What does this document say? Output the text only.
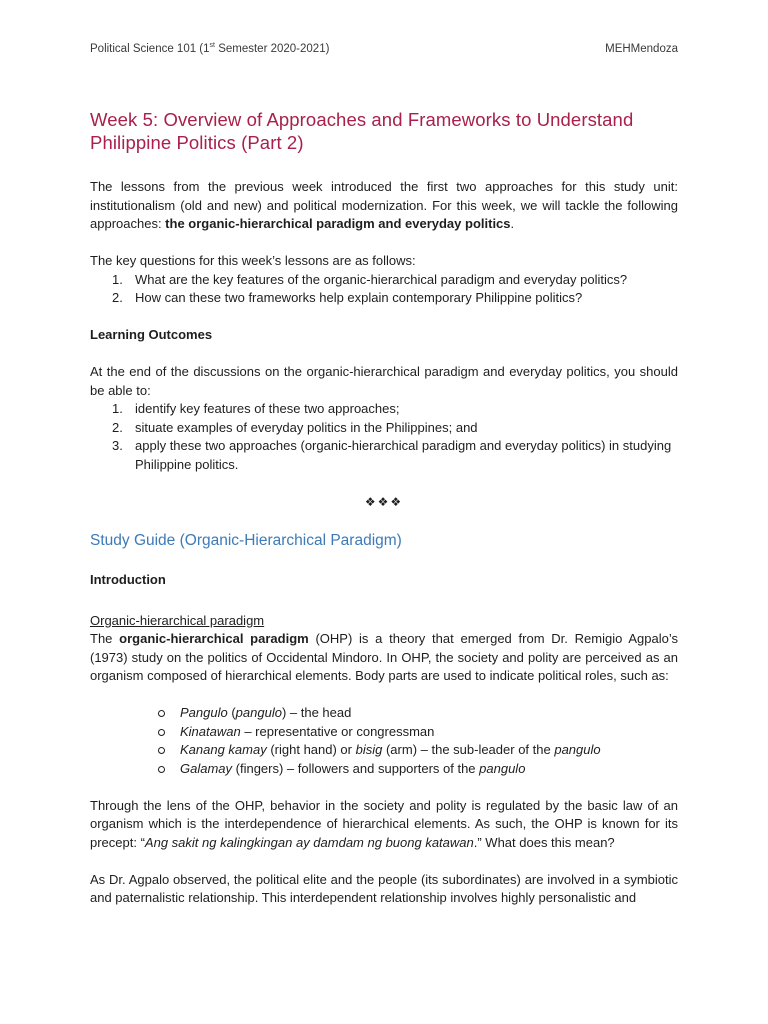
Political Science 101 (1st Semester 2020-2021)	MEHMendoza
Week 5: Overview of Approaches and Frameworks to Understand Philippine Politics (Part 2)

The lessons from the previous week introduced the first two approaches for this study unit: institutionalism (old and new) and political modernization. For this week, we will tackle the following approaches: the organic-hierarchical paradigm and everyday politics.

The key questions for this week’s lessons are as follows:

1. What are the key features of the organic-hierarchical paradigm and everyday politics?
2. How can these two frameworks help explain contemporary Philippine politics?
Learning Outcomes

At the end of the discussions on the organic-hierarchical paradigm and everyday politics, you should be able to:

1. identify key features of these two approaches;
2. situate examples of everyday politics in the Philippines; and
3. apply these two approaches (organic-hierarchical paradigm and everyday politics) in studying Philippine politics.
❖❖❖
Study Guide (Organic-Hierarchical Paradigm)
Introduction

Organic-hierarchical paradigm

The organic-hierarchical paradigm (OHP) is a theory that emerged from Dr. Remigio Agpalo’s (1973) study on the politics of Occidental Mindoro. In OHP, the society and polity are perceived as an organism composed of hierarchical elements. Body parts are used to indicate political roles, such as:

Pangulo (pangulo) – the head
Kinatawan – representative or congressman
Kanang kamay (right hand) or bisig (arm) – the sub-leader of the pangulo
Galamay (fingers) – followers and supporters of the pangulo

Through the lens of the OHP, behavior in the society and polity is regulated by the basic law of an organism which is the interdependence of hierarchical elements. As such, the OHP is known for its precept: “Ang sakit ng kalingkingan ay damdam ng buong katawan.” What does this mean?

As Dr. Agpalo observed, the political elite and the people (its subordinates) are involved in a symbiotic and paternalistic relationship. This interdependent relationship involves highly personalistic and
